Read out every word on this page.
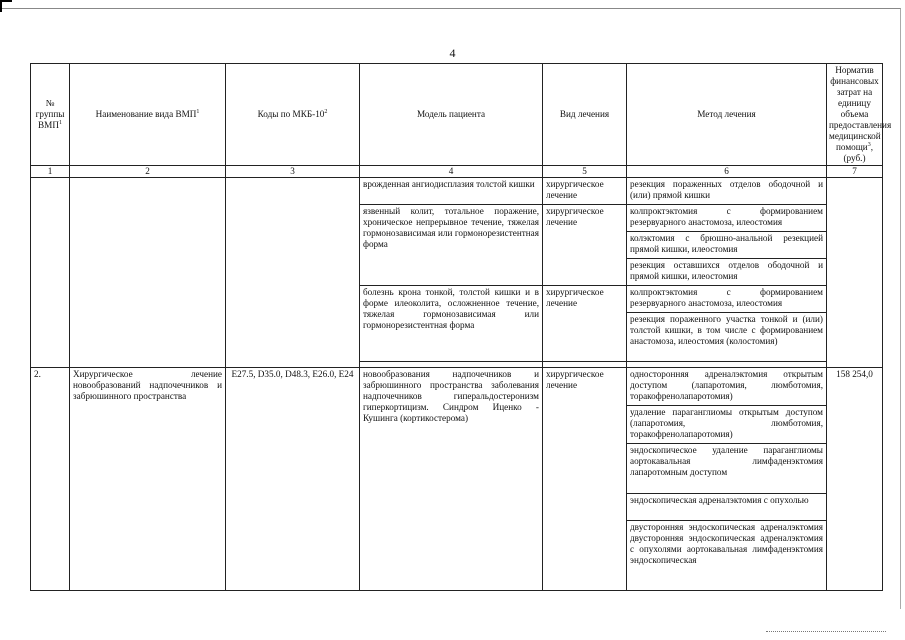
4
№ группы ВМП$^1$	Наименование вида ВМП$^1$	Коды по МКБ-$10^2$	Модель пациента	Вид лечения	Метод лечения	Норматив финансовых затрат на единицу объема предоставления медицинской помощи$^3$, (руб.)
1	2	3	4	5	6	7
			врожденная ангиодисплазия толстой кишки	хирургическое лечение	резекция пораженных отделов ободочной и (или) прямой кишки	
			язвенный колит, тотальное поражение, хроническое непрерывное течение, тяжелая гормонозависимая или гормонорезистентная форма	хирургическое лечение	колпроктэктомия с формированием резервуарного анастомоза, илеостомия	
					колэктомия с брюшно-анальной резекцией прямой кишки, илеостомия	
					резекция оставшихся отделов ободочной и прямой кишки, илеостомия	
			болезнь крона тонкой, толстой кишки и в форме илеоколита, осложненное течение, тяжелая гормонозависимая или гормонорезистентная форма	хирургическое лечение	колпроктэктомия с формированием резервуарного анастомоза, илеостомия	
					резекция пораженного участка тонкой и (или) толстой кишки, в том числе с формированием анастомоза, илеостомия (колостомия)	

2.	Хирургическое лечение новообразований надпочечников и забрюшинного пространства	E27.5, D35.0, D48.3, E26.0, E24	новообразования надпочечников и забрюшинного пространства заболевания надпочечников гиперальдостеронизм гиперкортицизм. Синдром Иценко - Кушинга (кортикостерома)	хирургическое лечение	односторонняя адреналэктомия открытым доступом (лапаротомия, люмботомия, торакофренолапаротомия)	158 254,0
					удаление параганглиомы открытым доступом (лапаротомия, люмботомия, торакофренолапаротомия)	
					эндоскопическое удаление параганглиомы аортокавальная лимфаденэктомия лапаротомным доступом	
					эндоскопическая адреналэктомия с опухолью	
					двусторонняя эндоскопическая адреналэктомия двусторонняя эндоскопическая адреналэктомия с опухолями аортокавальная лимфаденэктомия эндоскопическая	
